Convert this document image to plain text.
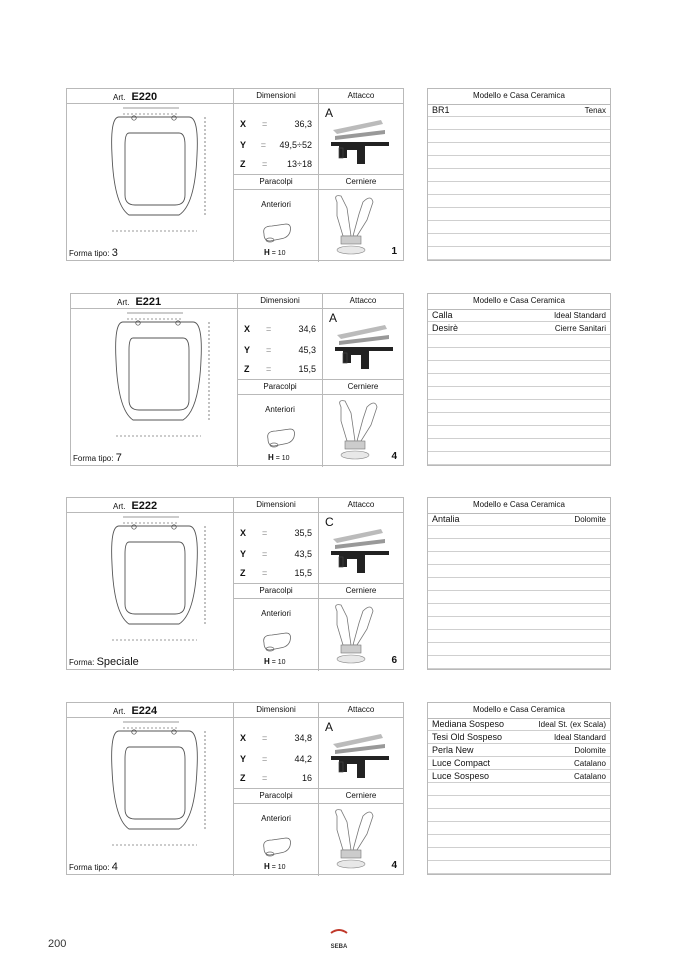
Art. E220	Dimensioni	Attacco
Forma tipo: 3
X	=	36,3
Y	=	49,5÷52
Z	=	13÷18
A
Paracolpi	Cerniere
Anteriori
H = 10	1
Modello e Casa Ceramica
BR1	Tenax
Art. E221	Dimensioni	Attacco
Forma tipo: 7
X	=	34,6
Y	=	45,3
Z	=	15,5
A
Paracolpi	Cerniere
Anteriori
H = 10	4
Modello e Casa Ceramica
Calla	Ideal Standard
Desirè	Cierre Sanitari
Art. E222	Dimensioni	Attacco
Forma: Speciale
X	=	35,5
Y	=	43,5
Z	=	15,5
C
Paracolpi	Cerniere
Anteriori
H = 10	6
Modello e Casa Ceramica
Antalia	Dolomite
Art. E224	Dimensioni	Attacco
Forma tipo: 4
X	=	34,8
Y	=	44,2
Z	=	16
A
Paracolpi	Cerniere
Anteriori
H = 10	4
Modello e Casa Ceramica
Mediana Sospeso	Ideal St. (ex Scala)
Tesi Old Sospeso	Ideal Standard
Perla New	Dolomite
Luce Compact	Catalano
Luce Sospeso	Catalano
200	SEBA
